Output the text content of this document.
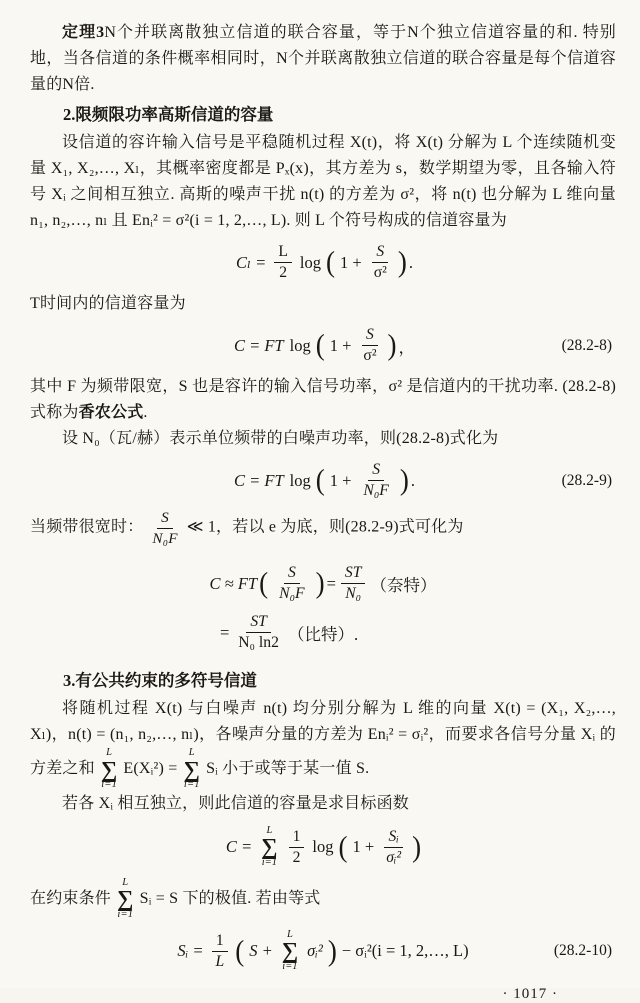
定理3N个并联离散独立信道的联合容量，等于N个独立信道容量的和. 特别地，当各信道的条件概率相同时，N个并联离散独立信道的联合容量是每个信道容量的N倍.

2.限频限功率高斯信道的容量

设信道的容许输入信号是平稳随机过程 X(t)，将 X(t) 分解为 L 个连续随机变量 X₁, X₂,…, Xₗ，其概率密度都是 Pₓ(x)，其方差为 s，数学期望为零，且各输入符号 Xᵢ 之间相互独立. 高斯的噪声干扰 n(t) 的方差为 σ²，将 n(t) 也分解为 L 维向量 n₁, n₂,…, nₗ 且 Enᵢ² = σ²(i = 1, 2,…, L). 则 L 个符号构成的信道容量为

$C_l = \frac{L}{2}$ log ( $1 + \frac{S}{\text{σ²}}$ ) .

T时间内的信道容量为

C = FT log ( $1 + \frac{S}{\text{σ²}}$ ) ，	(28.2-8)

其中 F 为频带限宽，S 也是容许的输入信号功率，σ² 是信道内的干扰功率. (28.2-8)式称为香农公式.

设 N₀（瓦/赫）表示单位频带的白噪声功率，则(28.2-8)式化为

C = FT log ( $1 + \frac{S}{\text{N₀F}}$ ) .	(28.2-9)

当频带很宽时： $\frac{S}{\text{N₀F}}$ ≪ 1，若以 e 为底，则(28.2-9)式可化为

C ≈ FT ( $\frac{S}{\text{N₀F}}$ ) = $\frac{ST}{\text{N₀}}$ （奈特）
= $\frac{ST}{\text{N₀ ln2}}$ （比特）.
3.有公共约束的多符号信道

将随机过程 X(t) 与白噪声 n(t) 均分别分解为 L 维的向量 X(t) = (X₁, X₂,…, Xₗ)，n(t) = (n₁, n₂,…, nₗ)，各噪声分量的方差为 Enᵢ² = σᵢ²，而要求各信号分量 Xᵢ 的方差之和
L
∑
i=1
E(Xᵢ²) =
L
∑
i=1
Sᵢ 小于或等于某一值 S.

若各 Xᵢ 相互独立，则此信道的容量是求目标函数

C =
L
∑
$i=1 \frac{1}{2}$ log ( $1 + \frac{\text{Sᵢ}}{\text{σᵢ²}}$ )

在约束条件
L
∑
i=1
Sᵢ = S 下的极值. 若由等式

Sᵢ = $\frac{1}{L}$ ( S +
L
∑
i=1
σᵢ² ) − σᵢ²(i = 1, 2,…, L)	(28.2-10)
· 1017 ·
